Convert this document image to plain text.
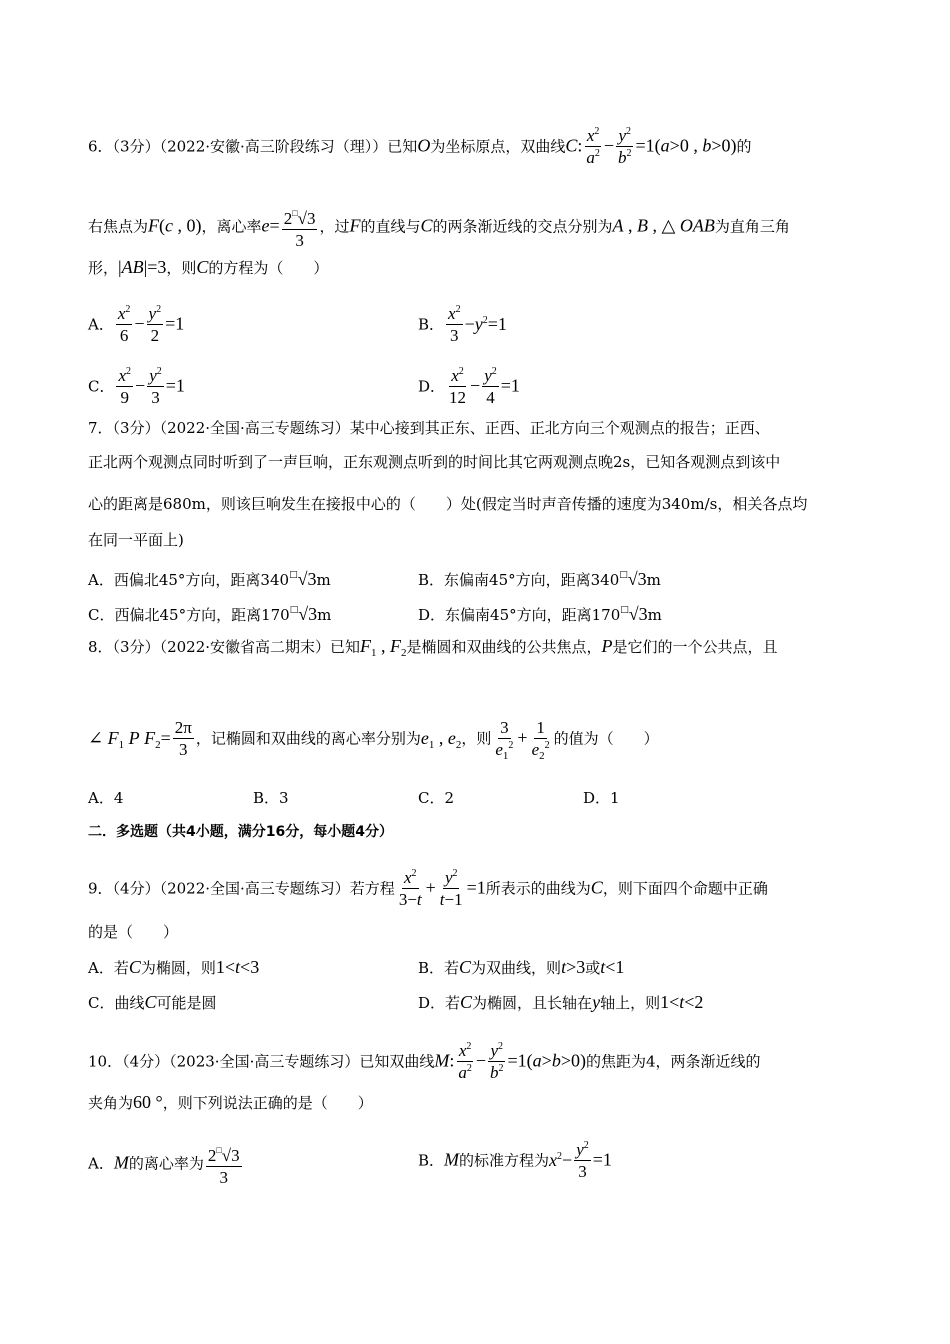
6．（3分）（2022·安徽·高三阶段练习（理））已知O为坐标原点，双曲线C: $\frac{x^2}{a^2} - \frac{y^2}{b^2} =1(a>0$ , b>0)的
右焦点为F(c , 0)，离心率$e= \frac{2^□√3}{3}$ ，过F的直线与C的两条渐近线的交点分别为A , B , △ OAB为直角三角
形，|AB|=3，则C的方程为（　　）
A． $\frac{x^2}{6} - \frac{y^2}{2} =1$	B． $\frac{x^2}{3} -y^2=1$
C． $\frac{x^2}{9} - \frac{y^2}{3} =1$	D． $\frac{x^2}{12} - \frac{y^2}{4} =1$
7．（3分）（2022·全国·高三专题练习）某中心接到其正东、正西、正北方向三个观测点的报告；正西、
正北两个观测点同时听到了一声巨响，正东观测点听到的时间比其它两观测点晚2s，已知各观测点到该中
心的距离是680m，则该巨响发生在接报中心的（　　）处(假定当时声音传播的速度为340m/s，相关各点均
在同一平面上)
A．西偏北45°方向，距离340□√3m	B．东偏南45°方向，距离340□√3m
C．西偏北45°方向，距离170□√3m	D．东偏南45°方向，距离170□√3m
8．（3分）（2022·安徽省高二期末）已知$F_1$ , $F_2$是椭圆和双曲线的公共焦点，P是它们的一个公共点，且
∠ $F_1$ P $F_2= \frac{2\pi}{3}$ ，记椭圆和双曲线的离心率分别为$e_1$ , $e_2$，则 $\frac{3}{e_1^2} + \frac{1}{e_2^2}$ 的值为（　　）
A．4	B．3	C．2	D．1
二．多选题（共4小题，满分16分，每小题4分）
9．（4分）（2022·全国·高三专题练习）若方程 $\frac{x^2}{3-t} + \frac{y^2}{t-1} =1$所表示的曲线为C，则下面四个命题中正确
的是（　　）
A．若C为椭圆，则1<t<3	B．若C为双曲线，则t>3或t<1
C．曲线C可能是圆	D．若C为椭圆，且长轴在y轴上，则1<t<2
10．（4分）（2023·全国·高三专题练习）已知双曲线M: $\frac{x^2}{a^2} - \frac{y^2}{b^2} =1(a>b>0)$的焦距为4，两条渐近线的
夹角为60 °，则下列说法正确的是（　　）
A．M的离心率为 $\frac{2^□√3}{3}$	B．M的标准方程为$x^2- \frac{y^2}{3} =1$
